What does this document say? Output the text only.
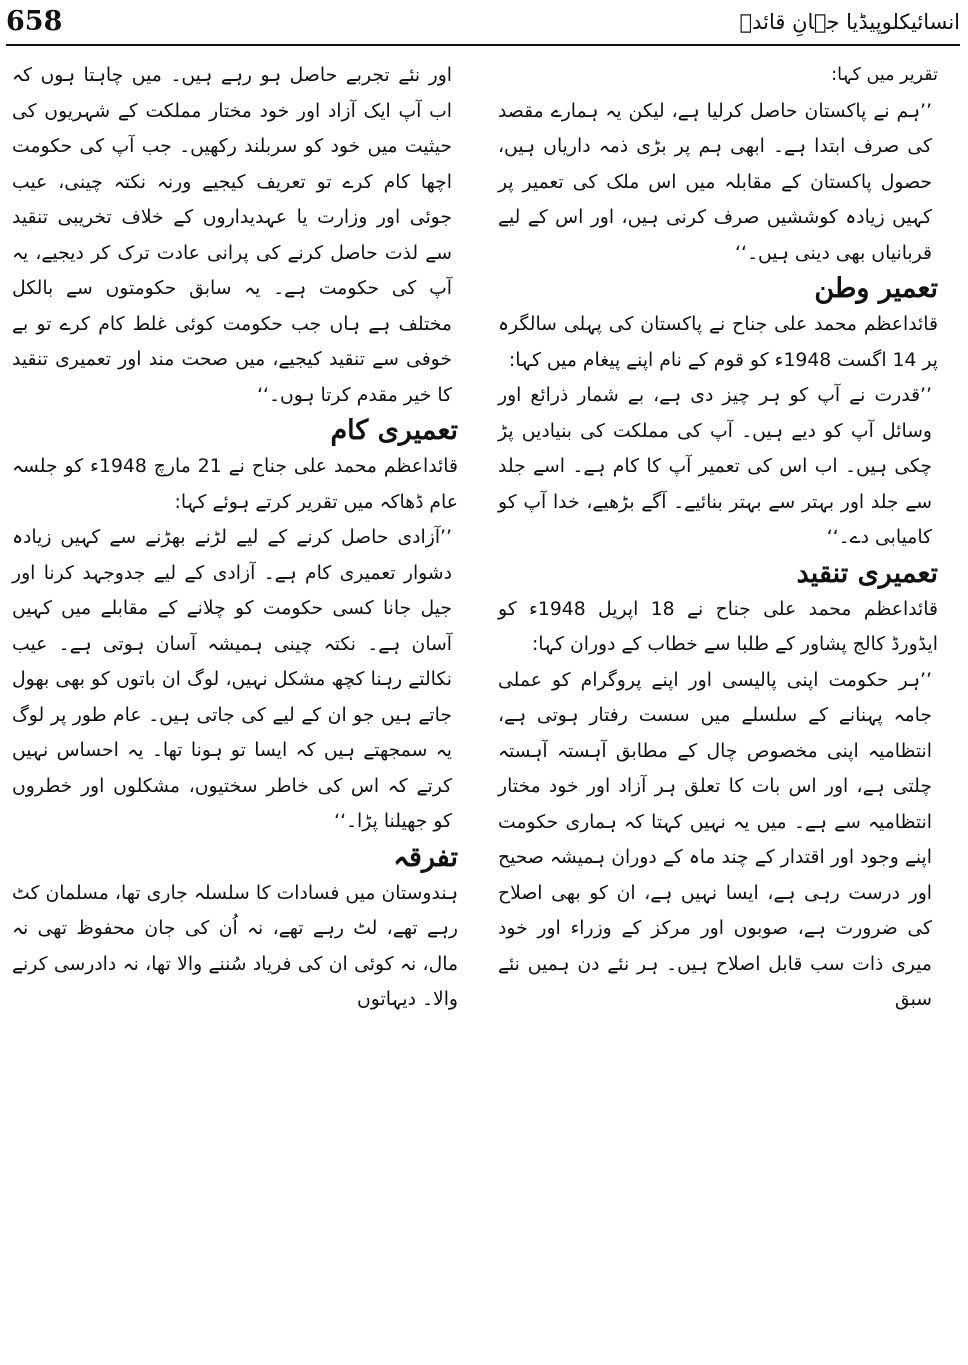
658	انسائیکلوپیڈیا جہانِ قائدؒ

تقریر میں کہا:

’’ہم نے پاکستان حاصل کرلیا ہے، لیکن یہ ہمارے مقصد کی صرف ابتدا ہے۔ ابھی ہم پر بڑی ذمہ داریاں ہیں، حصول پاکستان کے مقابلہ میں اس ملک کی تعمیر پر کہیں زیادہ کوششیں صرف کرنی ہیں، اور اس کے لیے قربانیاں بھی دینی ہیں۔‘‘

تعمیر وطن

قائداعظم محمد علی جناح نے پاکستان کی پہلی سالگرہ پر 14 اگست 1948ء کو قوم کے نام اپنے پیغام میں کہا:

’’قدرت نے آپ کو ہر چیز دی ہے، بے شمار ذرائع اور وسائل آپ کو دیے ہیں۔ آپ کی مملکت کی بنیادیں پڑ چکی ہیں۔ اب اس کی تعمیر آپ کا کام ہے۔ اسے جلد سے جلد اور بہتر سے بہتر بنائیے۔ آگے بڑھیے، خدا آپ کو کامیابی دے۔‘‘

تعمیری تنقید

قائداعظم محمد علی جناح نے 18 اپریل 1948ء کو ایڈورڈ کالج پشاور کے طلبا سے خطاب کے دوران کہا:

’’ہر حکومت اپنی پالیسی اور اپنے پروگرام کو عملی جامہ پہنانے کے سلسلے میں سست رفتار ہوتی ہے، انتظامیہ اپنی مخصوص چال کے مطابق آہستہ آہستہ چلتی ہے، اور اس بات کا تعلق ہر آزاد اور خود مختار انتظامیہ سے ہے۔ میں یہ نہیں کہتا کہ ہماری حکومت اپنے وجود اور اقتدار کے چند ماہ کے دوران ہمیشہ صحیح اور درست رہی ہے، ایسا نہیں ہے، ان کو بھی اصلاح کی ضرورت ہے، صوبوں اور مرکز کے وزراء اور خود میری ذات سب قابل اصلاح ہیں۔ ہر نئے دن ہمیں نئے سبق

اور نئے تجربے حاصل ہو رہے ہیں۔ میں چاہتا ہوں کہ اب آپ ایک آزاد اور خود مختار مملکت کے شہریوں کی حیثیت میں خود کو سربلند رکھیں۔ جب آپ کی حکومت اچھا کام کرے تو تعریف کیجیے ورنہ نکتہ چینی، عیب جوئی اور وزارت یا عہدیداروں کے خلاف تخریبی تنقید سے لذت حاصل کرنے کی پرانی عادت ترک کر دیجیے، یہ آپ کی حکومت ہے۔ یہ سابق حکومتوں سے بالکل مختلف ہے ہاں جب حکومت کوئی غلط کام کرے تو بے خوفی سے تنقید کیجیے، میں صحت مند اور تعمیری تنقید کا خیر مقدم کرتا ہوں۔‘‘

تعمیری کام

قائداعظم محمد علی جناح نے 21 مارچ 1948ء کو جلسہ عام ڈھاکہ میں تقریر کرتے ہوئے کہا:

’’آزادی حاصل کرنے کے لیے لڑنے بھڑنے سے کہیں زیادہ دشوار تعمیری کام ہے۔ آزادی کے لیے جدوجہد کرنا اور جیل جانا کسی حکومت کو چلانے کے مقابلے میں کہیں آسان ہے۔ نکتہ چینی ہمیشہ آسان ہوتی ہے۔ عیب نکالتے رہنا کچھ مشکل نہیں، لوگ ان باتوں کو بھی بھول جاتے ہیں جو ان کے لیے کی جاتی ہیں۔ عام طور پر لوگ یہ سمجھتے ہیں کہ ایسا تو ہونا تھا۔ یہ احساس نہیں کرتے کہ اس کی خاطر سختیوں، مشکلوں اور خطروں کو جھیلنا پڑا۔‘‘

تفرقہ

ہندوستان میں فسادات کا سلسلہ جاری تھا، مسلمان کٹ رہے تھے، لٹ رہے تھے، نہ اُن کی جان محفوظ تھی نہ مال، نہ کوئی ان کی فریاد سُننے والا تھا، نہ دادرسی کرنے والا۔ دیہاتوں
